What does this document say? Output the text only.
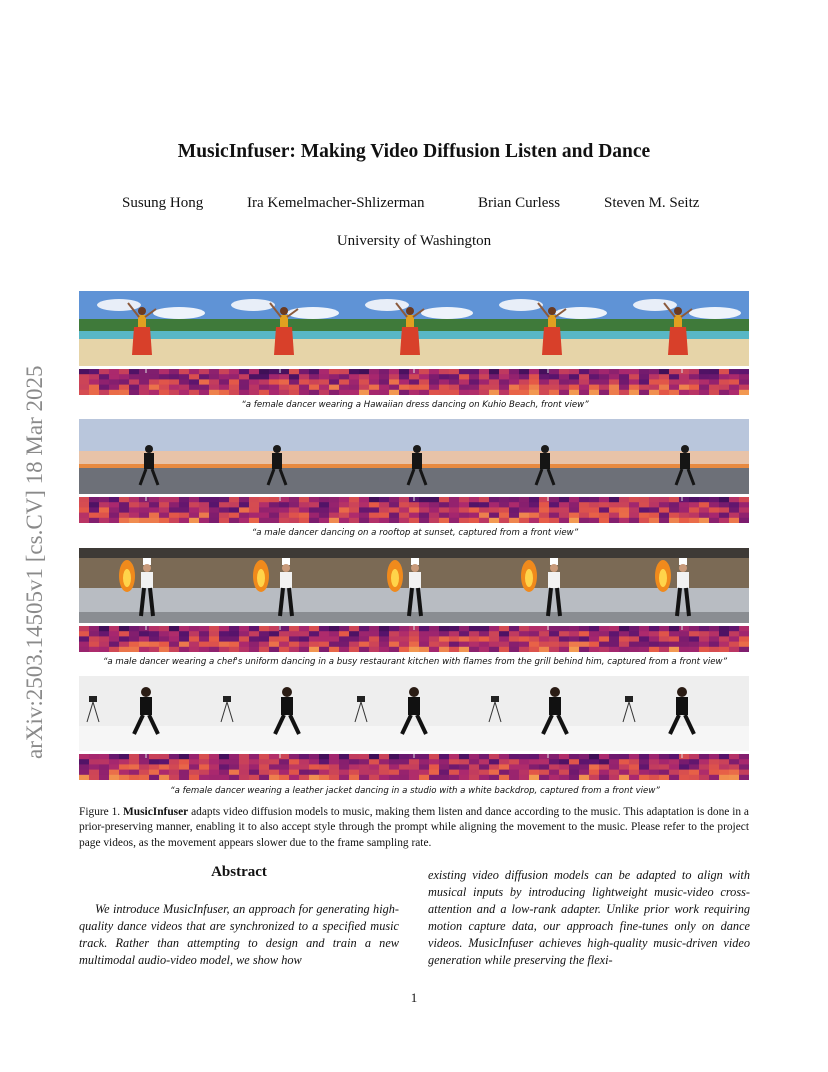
arXiv:2503.14505v1 [cs.CV] 18 Mar 2025
MusicInfuser: Making Video Diffusion Listen and Dance
Susung Hong	Ira Kemelmacher-Shlizerman	Brian Curless	Steven M. Seitz
University of Washington
“a female dancer wearing a Hawaiian dress dancing on Kuhio Beach, front view”
“a male dancer dancing on a rooftop at sunset, captured from a front view”
“a male dancer wearing a chef's uniform dancing in a busy restaurant kitchen with flames from the grill behind him, captured from a front view”
“a female dancer wearing a leather jacket dancing in a studio with a white backdrop, captured from a front view”
Figure 1. MusicInfuser adapts video diffusion models to music, making them listen and dance according to the music. This adaptation is done in a prior-preserving manner, enabling it to also accept style through the prompt while aligning the movement to the music. Please refer to the project page videos, as the movement appears slower due to the frame sampling rate.
Abstract
We introduce MusicInfuser, an approach for generating high-quality dance videos that are synchronized to a specified music track. Rather than attempting to design and train a new multimodal audio-video model, we show how
existing video diffusion models can be adapted to align with musical inputs by introducing lightweight music-video cross-attention and a low-rank adapter. Unlike prior work requiring motion capture data, our approach fine-tunes only on dance videos. MusicInfuser achieves high-quality music-driven video generation while preserving the flexi-
1
